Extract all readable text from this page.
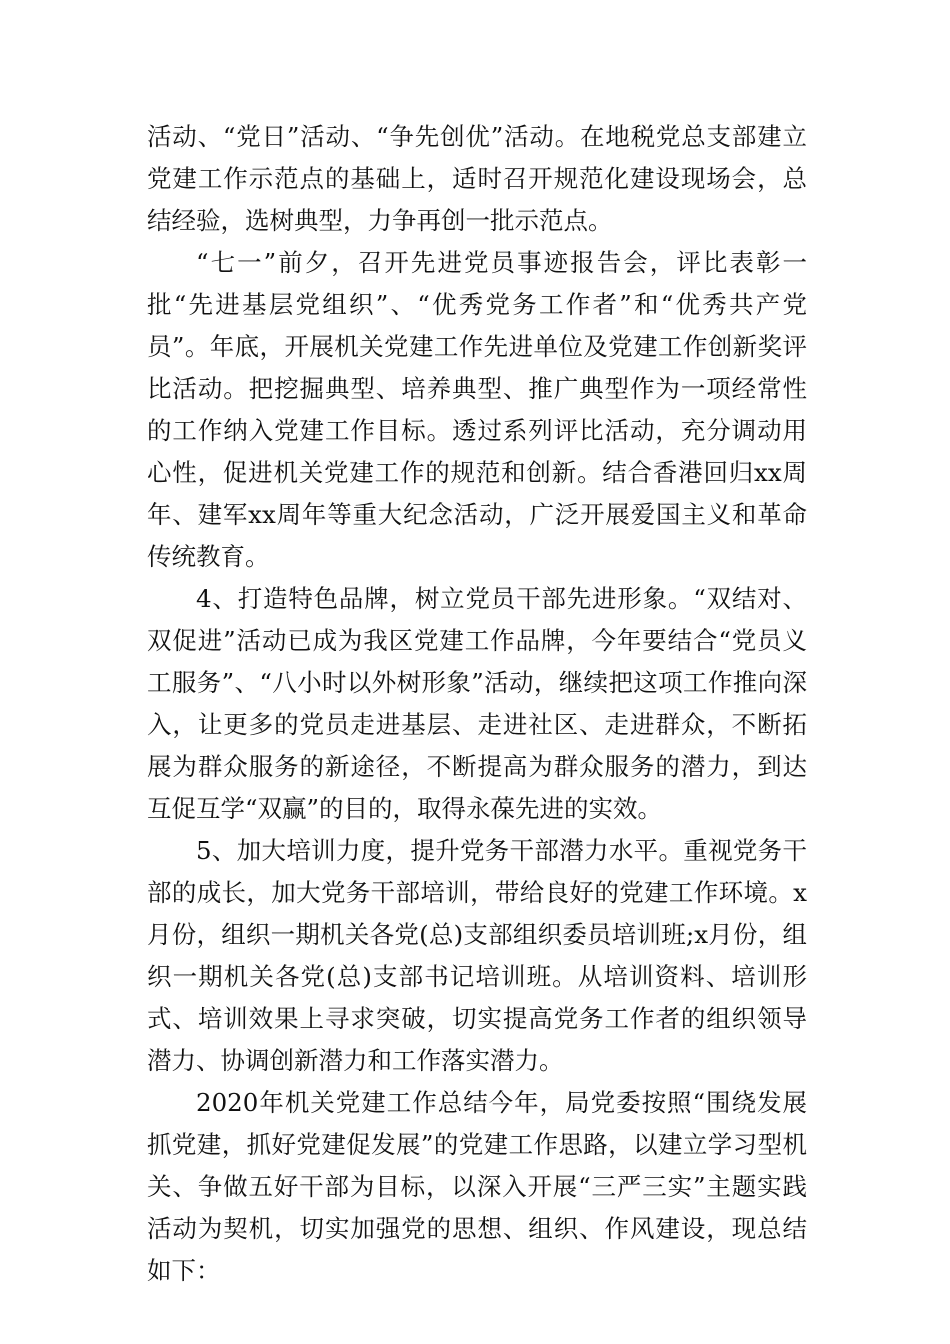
活动、“党日”活动、“争先创优”活动。在地税党总支部建立党建工作示范点的基础上，适时召开规范化建设现场会，总结经验，选树典型，力争再创一批示范点。

“七一”前夕，召开先进党员事迹报告会，评比表彰一批“先进基层党组织”、“优秀党务工作者”和“优秀共产党员”。年底，开展机关党建工作先进单位及党建工作创新奖评比活动。把挖掘典型、培养典型、推广典型作为一项经常性的工作纳入党建工作目标。透过系列评比活动，充分调动用心性，促进机关党建工作的规范和创新。结合香港回归xx周年、建军xx周年等重大纪念活动，广泛开展爱国主义和革命传统教育。

4、打造特色品牌，树立党员干部先进形象。“双结对、双促进”活动已成为我区党建工作品牌，今年要结合“党员义工服务”、“八小时以外树形象”活动，继续把这项工作推向深入，让更多的党员走进基层、走进社区、走进群众，不断拓展为群众服务的新途径，不断提高为群众服务的潜力，到达互促互学“双赢”的目的，取得永葆先进的实效。

5、加大培训力度，提升党务干部潜力水平。重视党务干部的成长，加大党务干部培训，带给良好的党建工作环境。x月份，组织一期机关各党(总)支部组织委员培训班;x月份，组织一期机关各党(总)支部书记培训班。从培训资料、培训形式、培训效果上寻求突破，切实提高党务工作者的组织领导潜力、协调创新潜力和工作落实潜力。

2020年机关党建工作总结今年，局党委按照“围绕发展抓党建，抓好党建促发展”的党建工作思路，以建立学习型机关、争做五好干部为目标，以深入开展“三严三实”主题实践活动为契机，切实加强党的思想、组织、作风建设，现总结如下：
